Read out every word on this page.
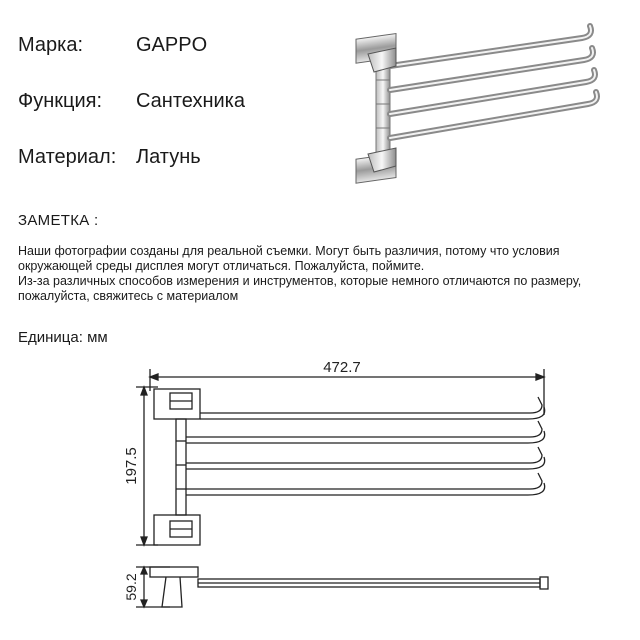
Марка:	GAPPO
Функция: Сантехника
Материал: Латунь
ЗАМЕТКА :

Наши фотографии созданы для реальной съемки. Могут быть различия, потому что условия

окружающей среды дисплея могут отличаться. Пожалуйста, поймите.

Из-за различных способов измерения и инструментов, которые немного отличаются по размеру,

пожалуйста, свяжитесь с материалом

Единица: мм
472.7
197.5
59.2
